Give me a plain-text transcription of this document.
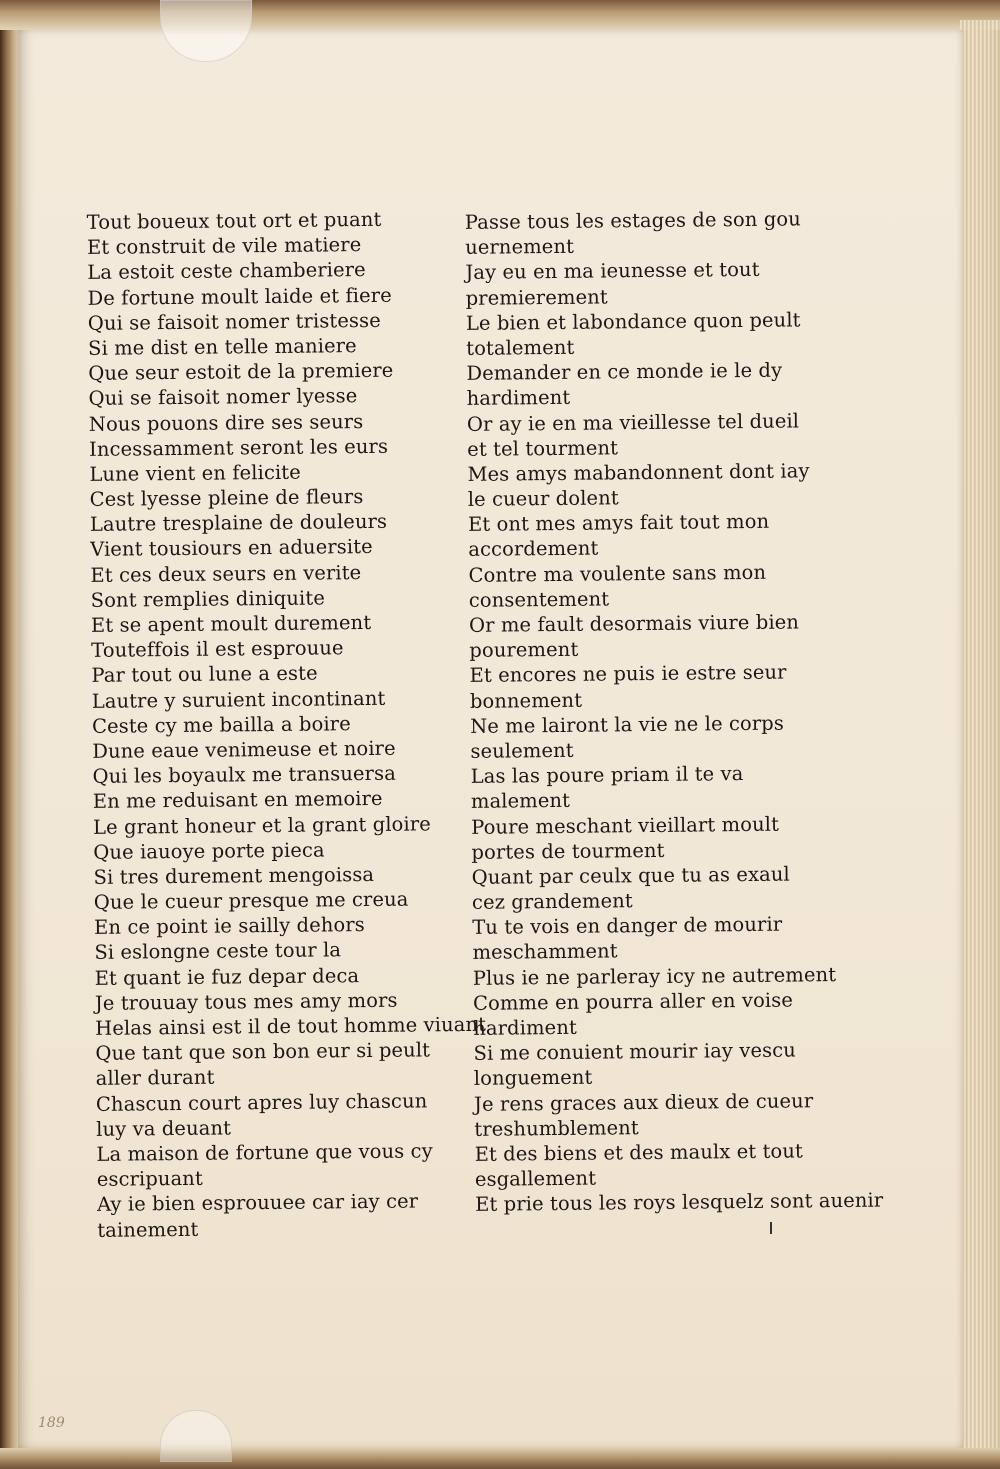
Tout boueux tout ort et puant
Et construit de vile matiere
La estoit ceste chamberiere
De fortune moult laide et fiere
Qui se faisoit nomer tristesse
Si me dist en telle maniere
Que seur estoit de la premiere
Qui se faisoit nomer lyesse
Nous pouons dire ses seurs
Incessamment seront les eurs
Lune vient en felicite
Cest lyesse pleine de fleurs
Lautre tresplaine de douleurs
Vient tousiours en aduersite
Et ces deux seurs en verite
Sont remplies diniquite
Et se apent moult durement
Touteffois il est esprouue
Par tout ou lune a este
Lautre y suruient incontinant
Ceste cy me bailla a boire
Dune eaue venimeuse et noire
Qui les boyaulx me transuersa
En me reduisant en memoire
Le grant honeur et la grant gloire
Que iauoye porte pieca
Si tres durement mengoissa
Que le cueur presque me creua
En ce point ie sailly dehors
Si eslongne ceste tour la
Et quant ie fuz depar deca
Je trouuay tous mes amy mors
Helas ainsi est il de tout homme viuant
Que tant que son bon eur si peult
aller durant
Chascun court apres luy chascun
luy va deuant
La maison de fortune que vous cy
escripuant
Ay ie bien esprouuee car iay cer
tainement
Passe tous les estages de son gou
uernement
Jay eu en ma ieunesse et tout
premierement
Le bien et labondance quon peult
totalement
Demander en ce monde ie le dy
hardiment
Or ay ie en ma vieillesse tel dueil
et tel tourment
Mes amys mabandonnent dont iay
le cueur dolent
Et ont mes amys fait tout mon
accordement
Contre ma voulente sans mon
consentement
Or me fault desormais viure bien
pourement
Et encores ne puis ie estre seur
bonnement
Ne me lairont la vie ne le corps
seulement
Las las poure priam il te va
malement
Poure meschant vieillart moult
portes de tourment
Quant par ceulx que tu as exaul
cez grandement
Tu te vois en danger de mourir
meschamment
Plus ie ne parleray icy ne autrement
Comme en pourra aller en voise
hardiment
Si me conuient mourir iay vescu
longuement
Je rens graces aux dieux de cueur
treshumblement
Et des biens et des maulx et tout
esgallement
Et prie tous les roys lesquelz sont auenir
189
